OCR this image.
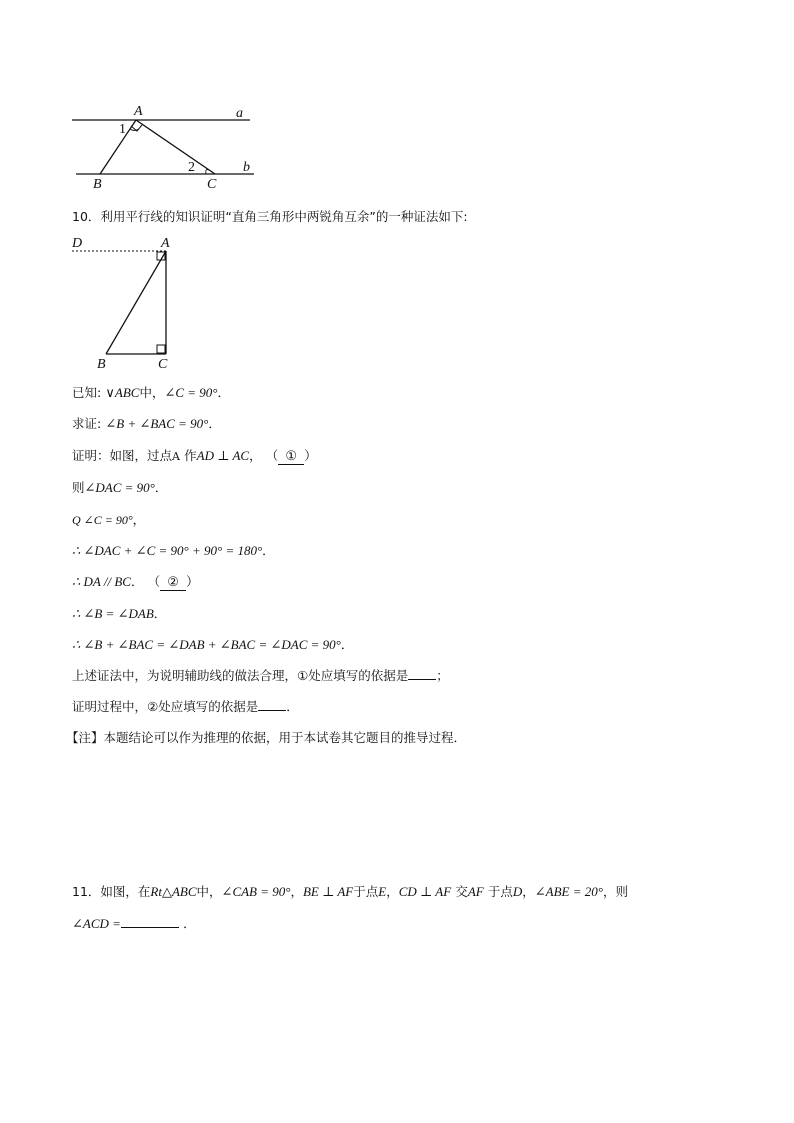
A	a
b
B	C
1
2
10．利用平行线的知识证明“直角三角形中两锐角互余”的一种证法如下:
D	A
B	C
已知: ∨ABC中，∠C = 90°．
求证: ∠B + ∠BAC = 90°．
证明：如图，过点A 作AD ⊥ AC， （ ① ）
则∠DAC = 90°．
Q ∠C = 90°，
∴ ∠DAC + ∠C = 90° + 90° = 180°．
∴ DA // BC． （ ② ）
∴ ∠B = ∠DAB．
∴ ∠B + ∠BAC = ∠DAB + ∠BAC = ∠DAC = 90°．
上述证法中，为说明辅助线的做法合理，①处应填写的依据是 ；
证明过程中，②处应填写的依据是 ．
【注】本题结论可以作为推理的依据，用于本试卷其它题目的推导过程．
11．如图，在Rt△ABC中，∠CAB = 90°，BE ⊥ AF于点E，CD ⊥ AF 交AF 于点D，∠ABE = 20°，则
∠ACD =	．
